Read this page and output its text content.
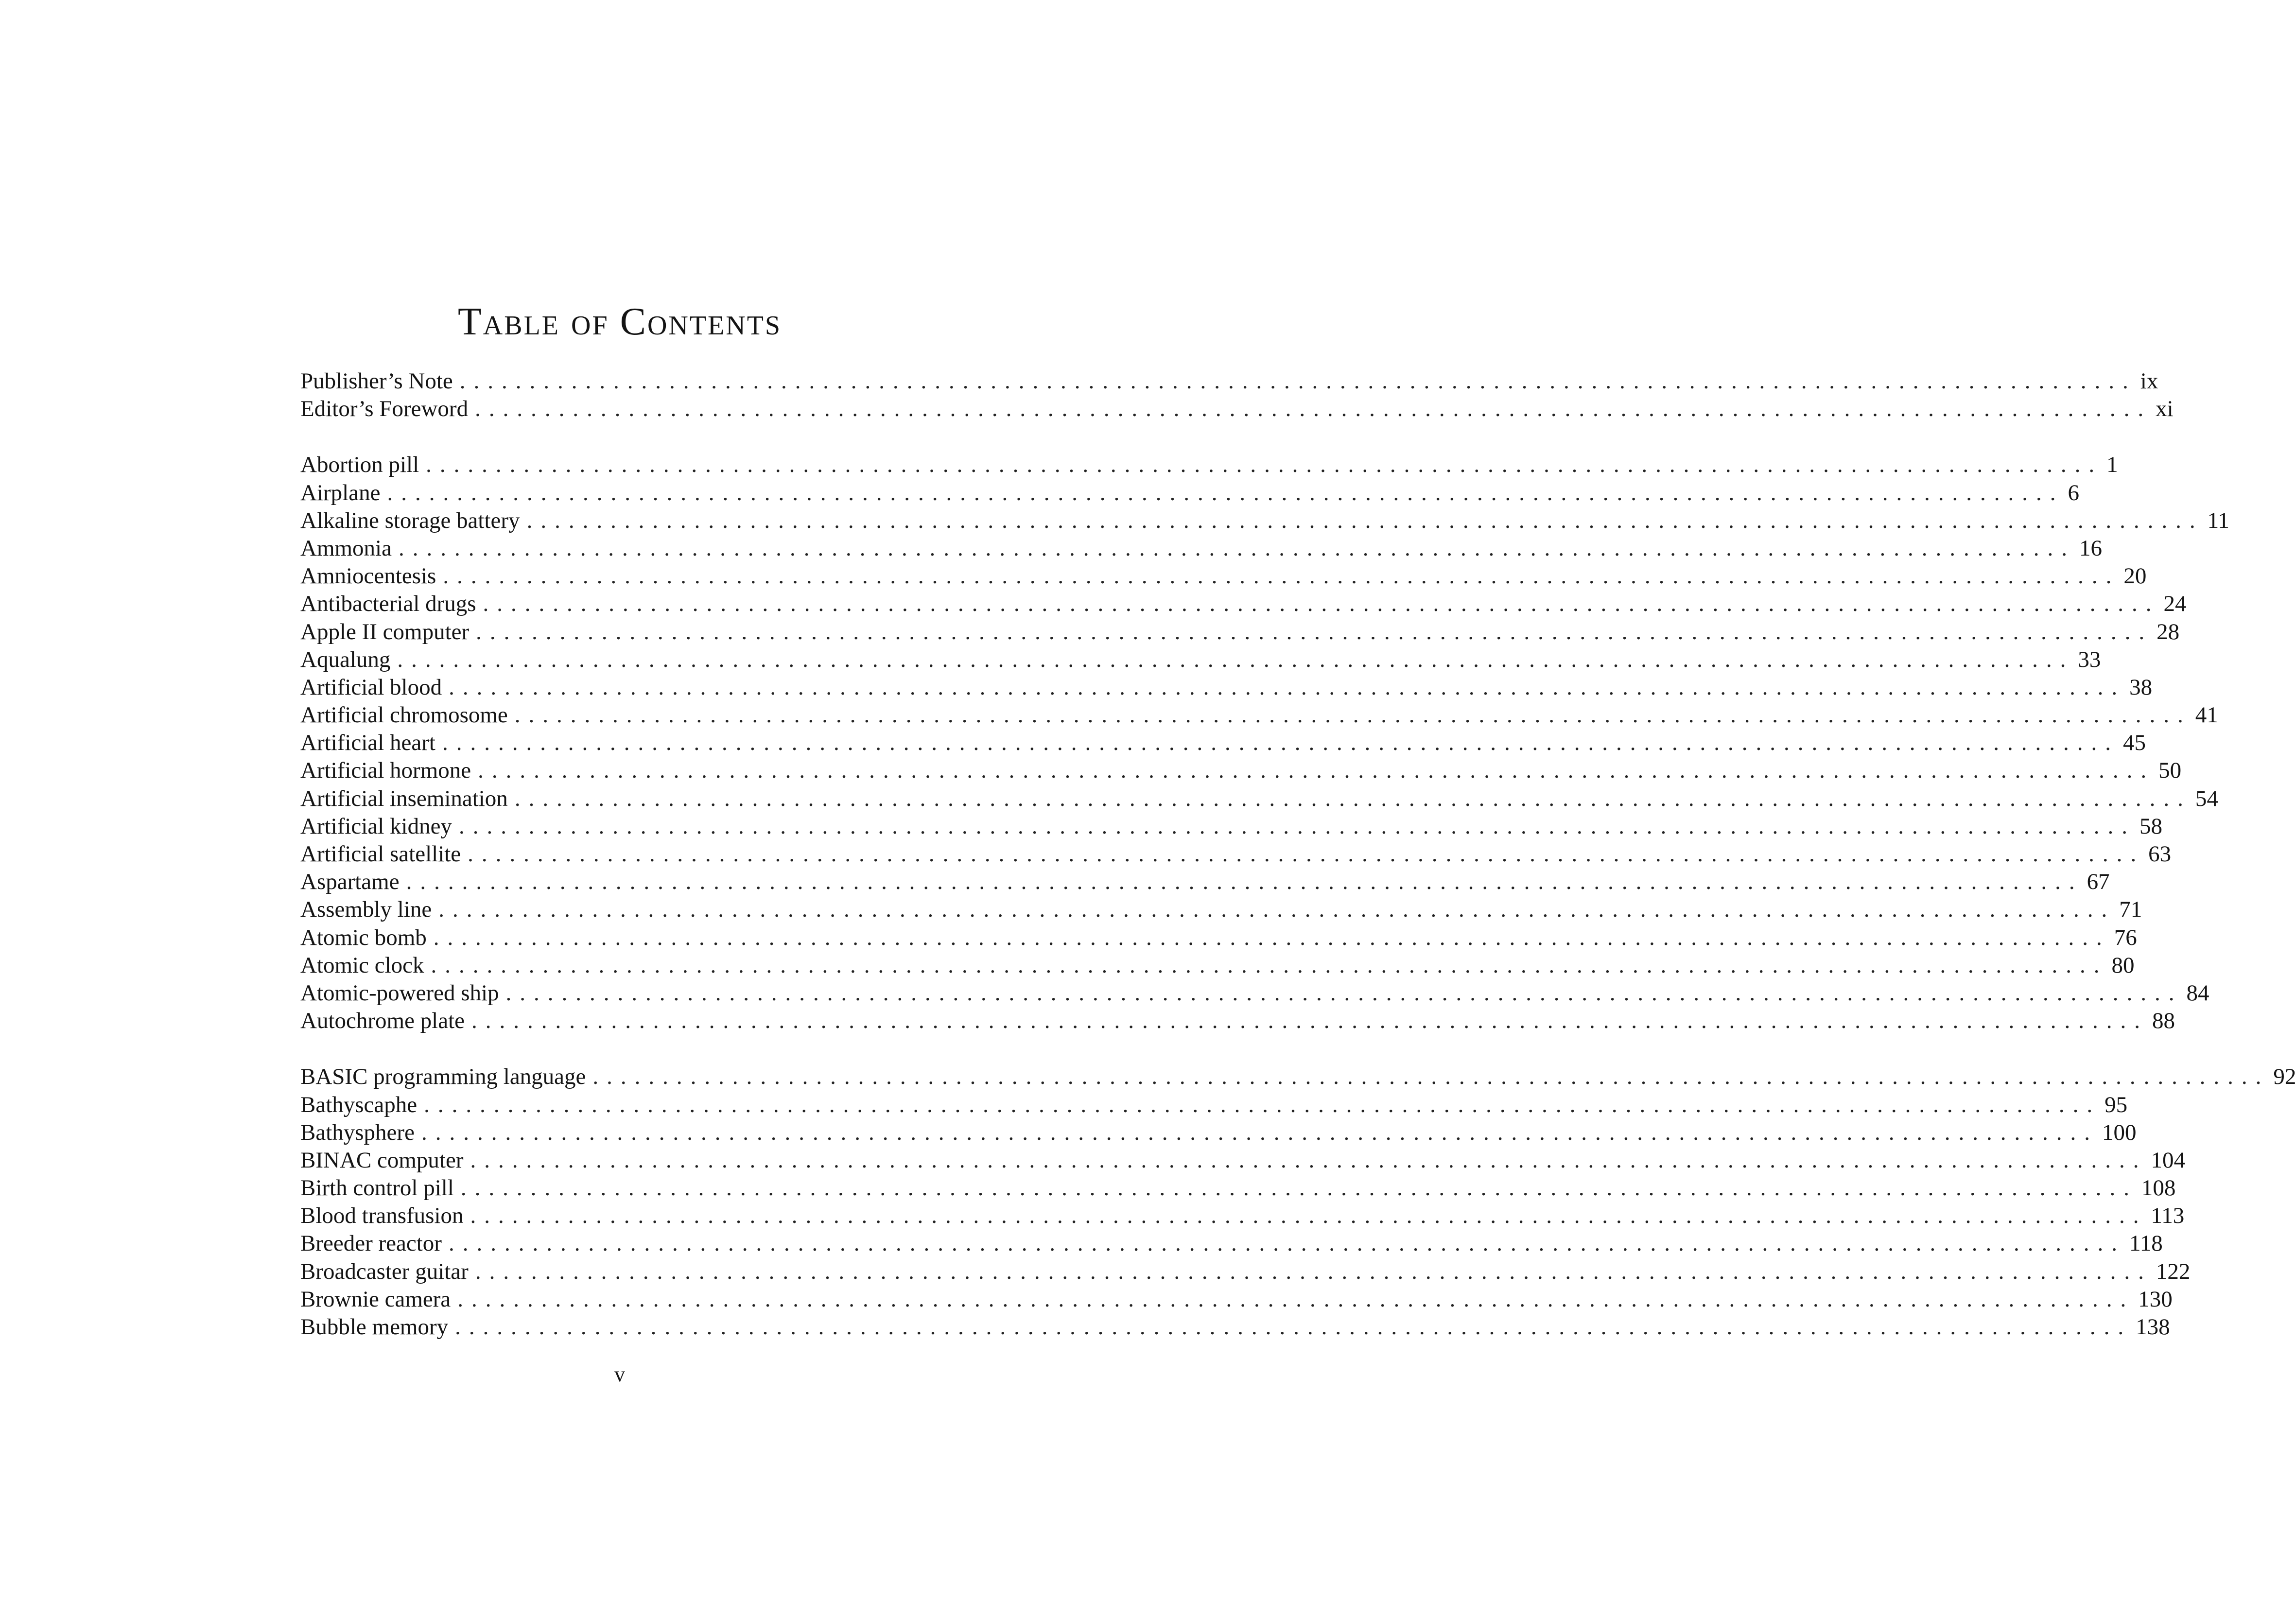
Table of Contents
Publisher’s Note ........................................................................................................................ ix
Editor’s Foreword ........................................................................................................................ xi
Abortion pill ........................................................................................................................ 1
Airplane ........................................................................................................................ 6
Alkaline storage battery ........................................................................................................................ 11
Ammonia ........................................................................................................................ 16
Amniocentesis ........................................................................................................................ 20
Antibacterial drugs ........................................................................................................................ 24
Apple II computer ........................................................................................................................ 28
Aqualung ........................................................................................................................ 33
Artificial blood ........................................................................................................................ 38
Artificial chromosome ........................................................................................................................ 41
Artificial heart ........................................................................................................................ 45
Artificial hormone ........................................................................................................................ 50
Artificial insemination ........................................................................................................................ 54
Artificial kidney ........................................................................................................................ 58
Artificial satellite ........................................................................................................................ 63
Aspartame ........................................................................................................................ 67
Assembly line ........................................................................................................................ 71
Atomic bomb ........................................................................................................................ 76
Atomic clock ........................................................................................................................ 80
Atomic-powered ship ........................................................................................................................ 84
Autochrome plate ........................................................................................................................ 88
BASIC programming language ........................................................................................................................ 92
Bathyscaphe ........................................................................................................................ 95
Bathysphere ........................................................................................................................ 100
BINAC computer ........................................................................................................................ 104
Birth control pill ........................................................................................................................ 108
Blood transfusion ........................................................................................................................ 113
Breeder reactor ........................................................................................................................ 118
Broadcaster guitar ........................................................................................................................ 122
Brownie camera ........................................................................................................................ 130
Bubble memory ........................................................................................................................ 138
v
